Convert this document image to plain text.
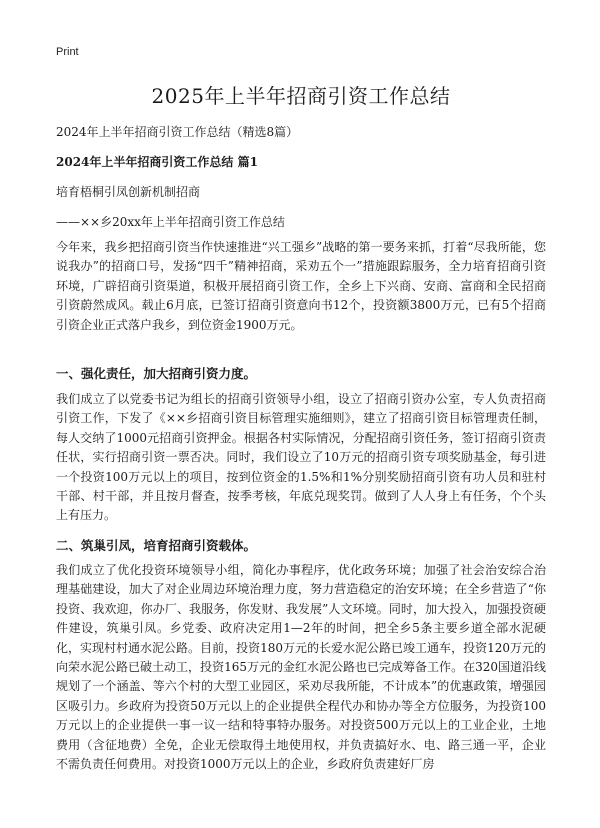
Print
2025年上半年招商引资工作总结
2024年上半年招商引资工作总结（精选8篇）
2024年上半年招商引资工作总结 篇1
培育梧桐引凤创新机制招商
——××乡20xx年上半年招商引资工作总结
今年来，我乡把招商引资当作快速推进“兴工强乡”战略的第一要务来抓，打着“尽我所能，您说我办”的招商口号，发扬“四千”精神招商，采劝五个一”措施跟踪服务，全力培育招商引资环境，广辟招商引资渠道，积极开展招商引资工作，全乡上下兴商、安商、富商和全民招商引资蔚然成风。载止6月底，已签订招商引资意向书12个，投资额3800万元，已有5个招商引资企业正式落户我乡，到位资金1900万元。
一、强化责任，加大招商引资力度。
我们成立了以党委书记为组长的招商引资领导小组，设立了招商引资办公室，专人负责招商引资工作，下发了《××乡招商引资目标管理实施细则》，建立了招商引资目标管理责任制，每人交纳了1000元招商引资押金。根据各村实际情况，分配招商引资任务，签订招商引资责任状，实行招商引资一票否决。同时，我们设立了10万元的招商引资专项奖励基金，每引进一个投资100万元以上的项目，按到位资金的1.5%和1%分别奖励招商引资有功人员和驻村干部、村干部，并且按月督查，按季考核，年底兑现奖罚。做到了人人身上有任务，个个头上有压力。
二、筑巢引凤，培育招商引资载体。
我们成立了优化投资环境领导小组，简化办事程序，优化政务环境；加强了社会治安综合治理基础建设，加大了对企业周边环境治理力度，努力营造稳定的治安环境；在全乡营造了“你投资、我欢迎，你办厂、我服务，你发财、我发展”人文环境。同时，加大投入，加强投资硬件建设，筑巢引凤。乡党委、政府决定用1—2年的时间，把全乡5条主要乡道全部水泥硬化，实现村村通水泥公路。目前，投资180万元的长爱水泥公路已竣工通车，投资120万元的向荣水泥公路已破土动工，投资165万元的金红水泥公路也已完成筹备工作。在320国道沿线规划了一个涵盖、等六个村的大型工业园区，采劝尽我所能，不计成本”的优惠政策，增强园区吸引力。乡政府为投资50万元以上的企业提供全程代办和协办等全方位服务，为投资100万元以上的企业提供一事一议一结和特事特办服务。对投资500万元以上的工业企业，土地费用（含征地费）全免，企业无偿取得土地使用权，并负责搞好水、电、路三通一平，企业不需负责任何费用。对投资1000万元以上的企业，乡政府负责建好厂房
